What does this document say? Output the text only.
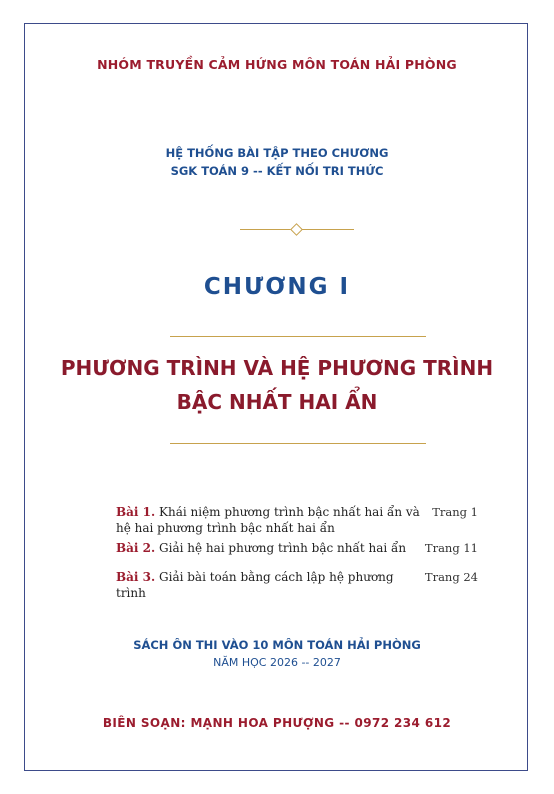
NHÓM TRUYỀN CẢM HỨNG MÔN TOÁN HẢI PHÒNG
HỆ THỐNG BÀI TẬP THEO CHƯƠNG
SGK TOÁN 9 -- KẾT NỐI TRI THỨC
CHƯƠNG I
PHƯƠNG TRÌNH VÀ HỆ PHƯƠNG TRÌNH
BẬC NHẤT HAI ẨN
Bài 1. Khái niệm phương trình bậc nhất hai ẩn và hệ hai phương trình bậc nhất hai ẩn
Trang 1
Bài 2. Giải hệ hai phương trình bậc nhất hai ẩn	Trang 11
Bài 3. Giải bài toán bằng cách lập hệ phương trình
Trang 24
SÁCH ÔN THI VÀO 10 MÔN TOÁN HẢI PHÒNG
NĂM HỌC 2026 -- 2027
BIÊN SOẠN: MẠNH HOA PHƯỢNG -- 0972 234 612
